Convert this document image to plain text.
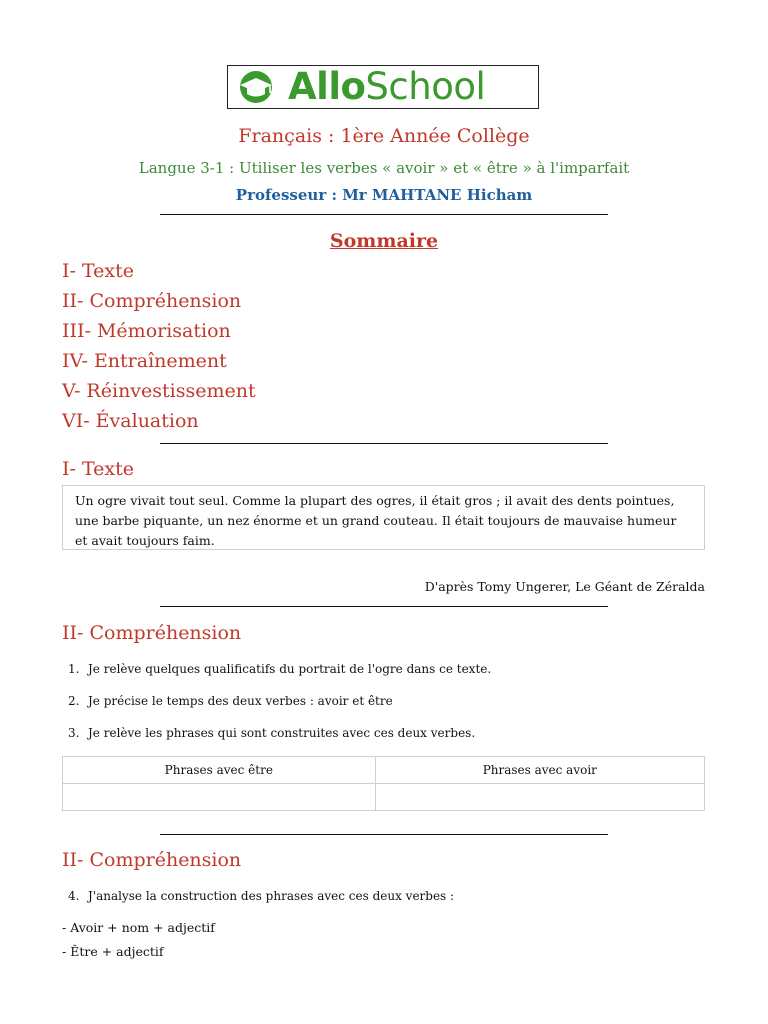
AlloSchool
Français : 1ère Année Collège
Langue 3-1 : Utiliser les verbes « avoir » et « être » à l'imparfait
Professeur : Mr MAHTANE Hicham
Sommaire
I- Texte
II- Compréhension
III- Mémorisation
IV- Entraînement
V- Réinvestissement
VI- Évaluation
I- Texte
Un ogre vivait tout seul. Comme la plupart des ogres, il était gros ; il avait des dents pointues, une barbe piquante, un nez énorme et un grand couteau. Il était toujours de mauvaise humeur et avait toujours faim.
D'après Tomy Ungerer, Le Géant de Zéralda
II- Compréhension
1. Je relève quelques qualificatifs du portrait de l'ogre dans ce texte.
2. Je précise le temps des deux verbes : avoir et être
3. Je relève les phrases qui sont construites avec ces deux verbes.
Phrases avec être	Phrases avec avoir

II- Compréhension
4. J'analyse la construction des phrases avec ces deux verbes :
- Avoir + nom + adjectif
- Être + adjectif
